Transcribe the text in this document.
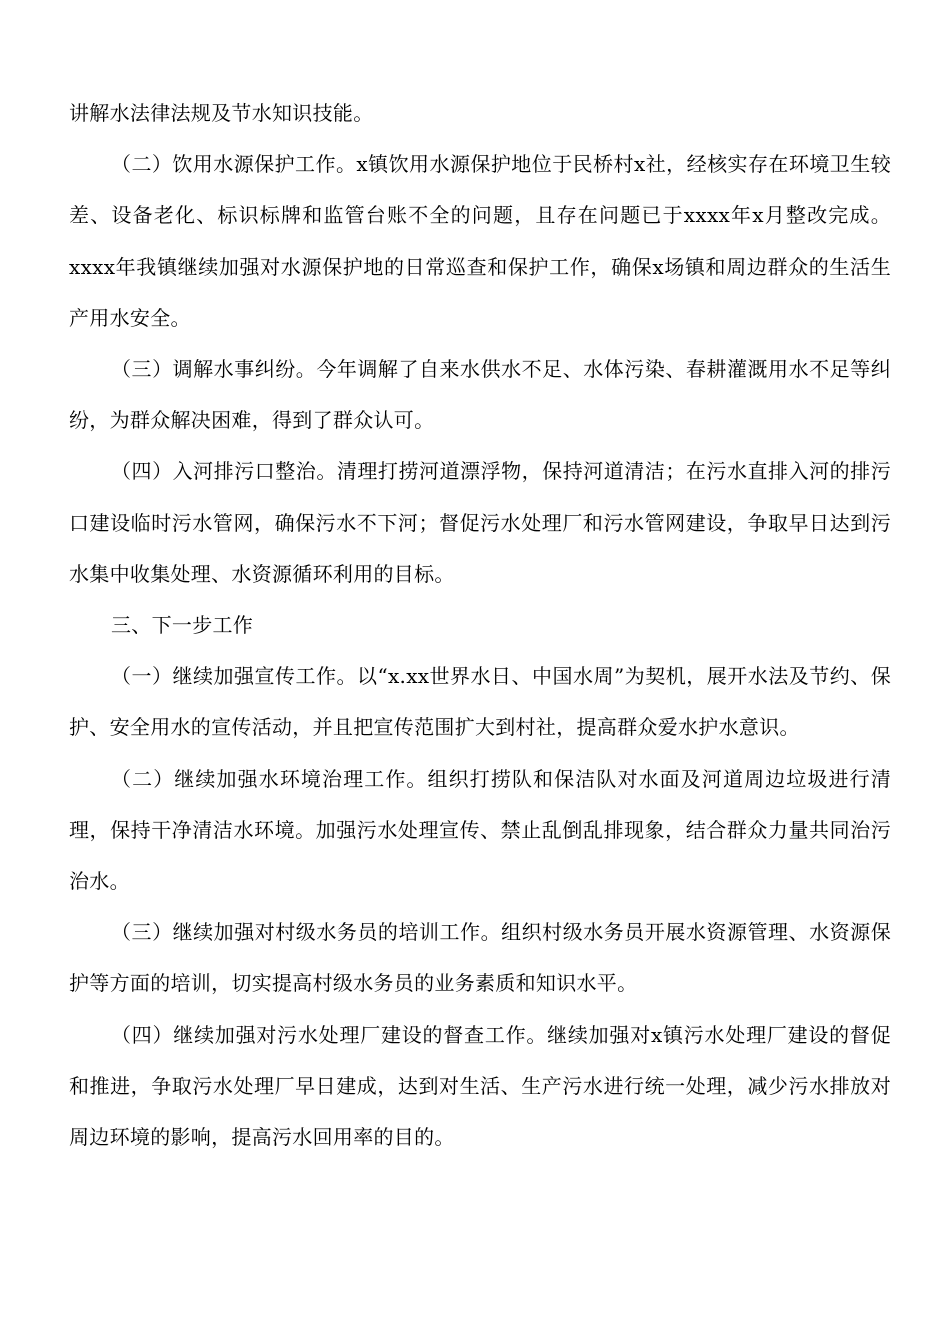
讲解水法律法规及节水知识技能。

（二）饮用水源保护工作。x镇饮用水源保护地位于民桥村x社，经核实存在环境卫生较差、设备老化、标识标牌和监管台账不全的问题，且存在问题已于xxxx年x月整改完成。xxxx年我镇继续加强对水源保护地的日常巡查和保护工作，确保x场镇和周边群众的生活生产用水安全。

（三）调解水事纠纷。今年调解了自来水供水不足、水体污染、春耕灌溉用水不足等纠纷，为群众解决困难，得到了群众认可。

（四）入河排污口整治。清理打捞河道漂浮物，保持河道清洁；在污水直排入河的排污口建设临时污水管网，确保污水不下河；督促污水处理厂和污水管网建设，争取早日达到污水集中收集处理、水资源循环利用的目标。

三、下一步工作

（一）继续加强宣传工作。以“x.xx世界水日、中国水周”为契机，展开水法及节约、保护、安全用水的宣传活动，并且把宣传范围扩大到村社，提高群众爱水护水意识。

（二）继续加强水环境治理工作。组织打捞队和保洁队对水面及河道周边垃圾进行清理，保持干净清洁水环境。加强污水处理宣传、禁止乱倒乱排现象，结合群众力量共同治污治水。

（三）继续加强对村级水务员的培训工作。组织村级水务员开展水资源管理、水资源保护等方面的培训，切实提高村级水务员的业务素质和知识水平。

（四）继续加强对污水处理厂建设的督查工作。继续加强对x镇污水处理厂建设的督促和推进，争取污水处理厂早日建成，达到对生活、生产污水进行统一处理，减少污水排放对周边环境的影响，提高污水回用率的目的。
